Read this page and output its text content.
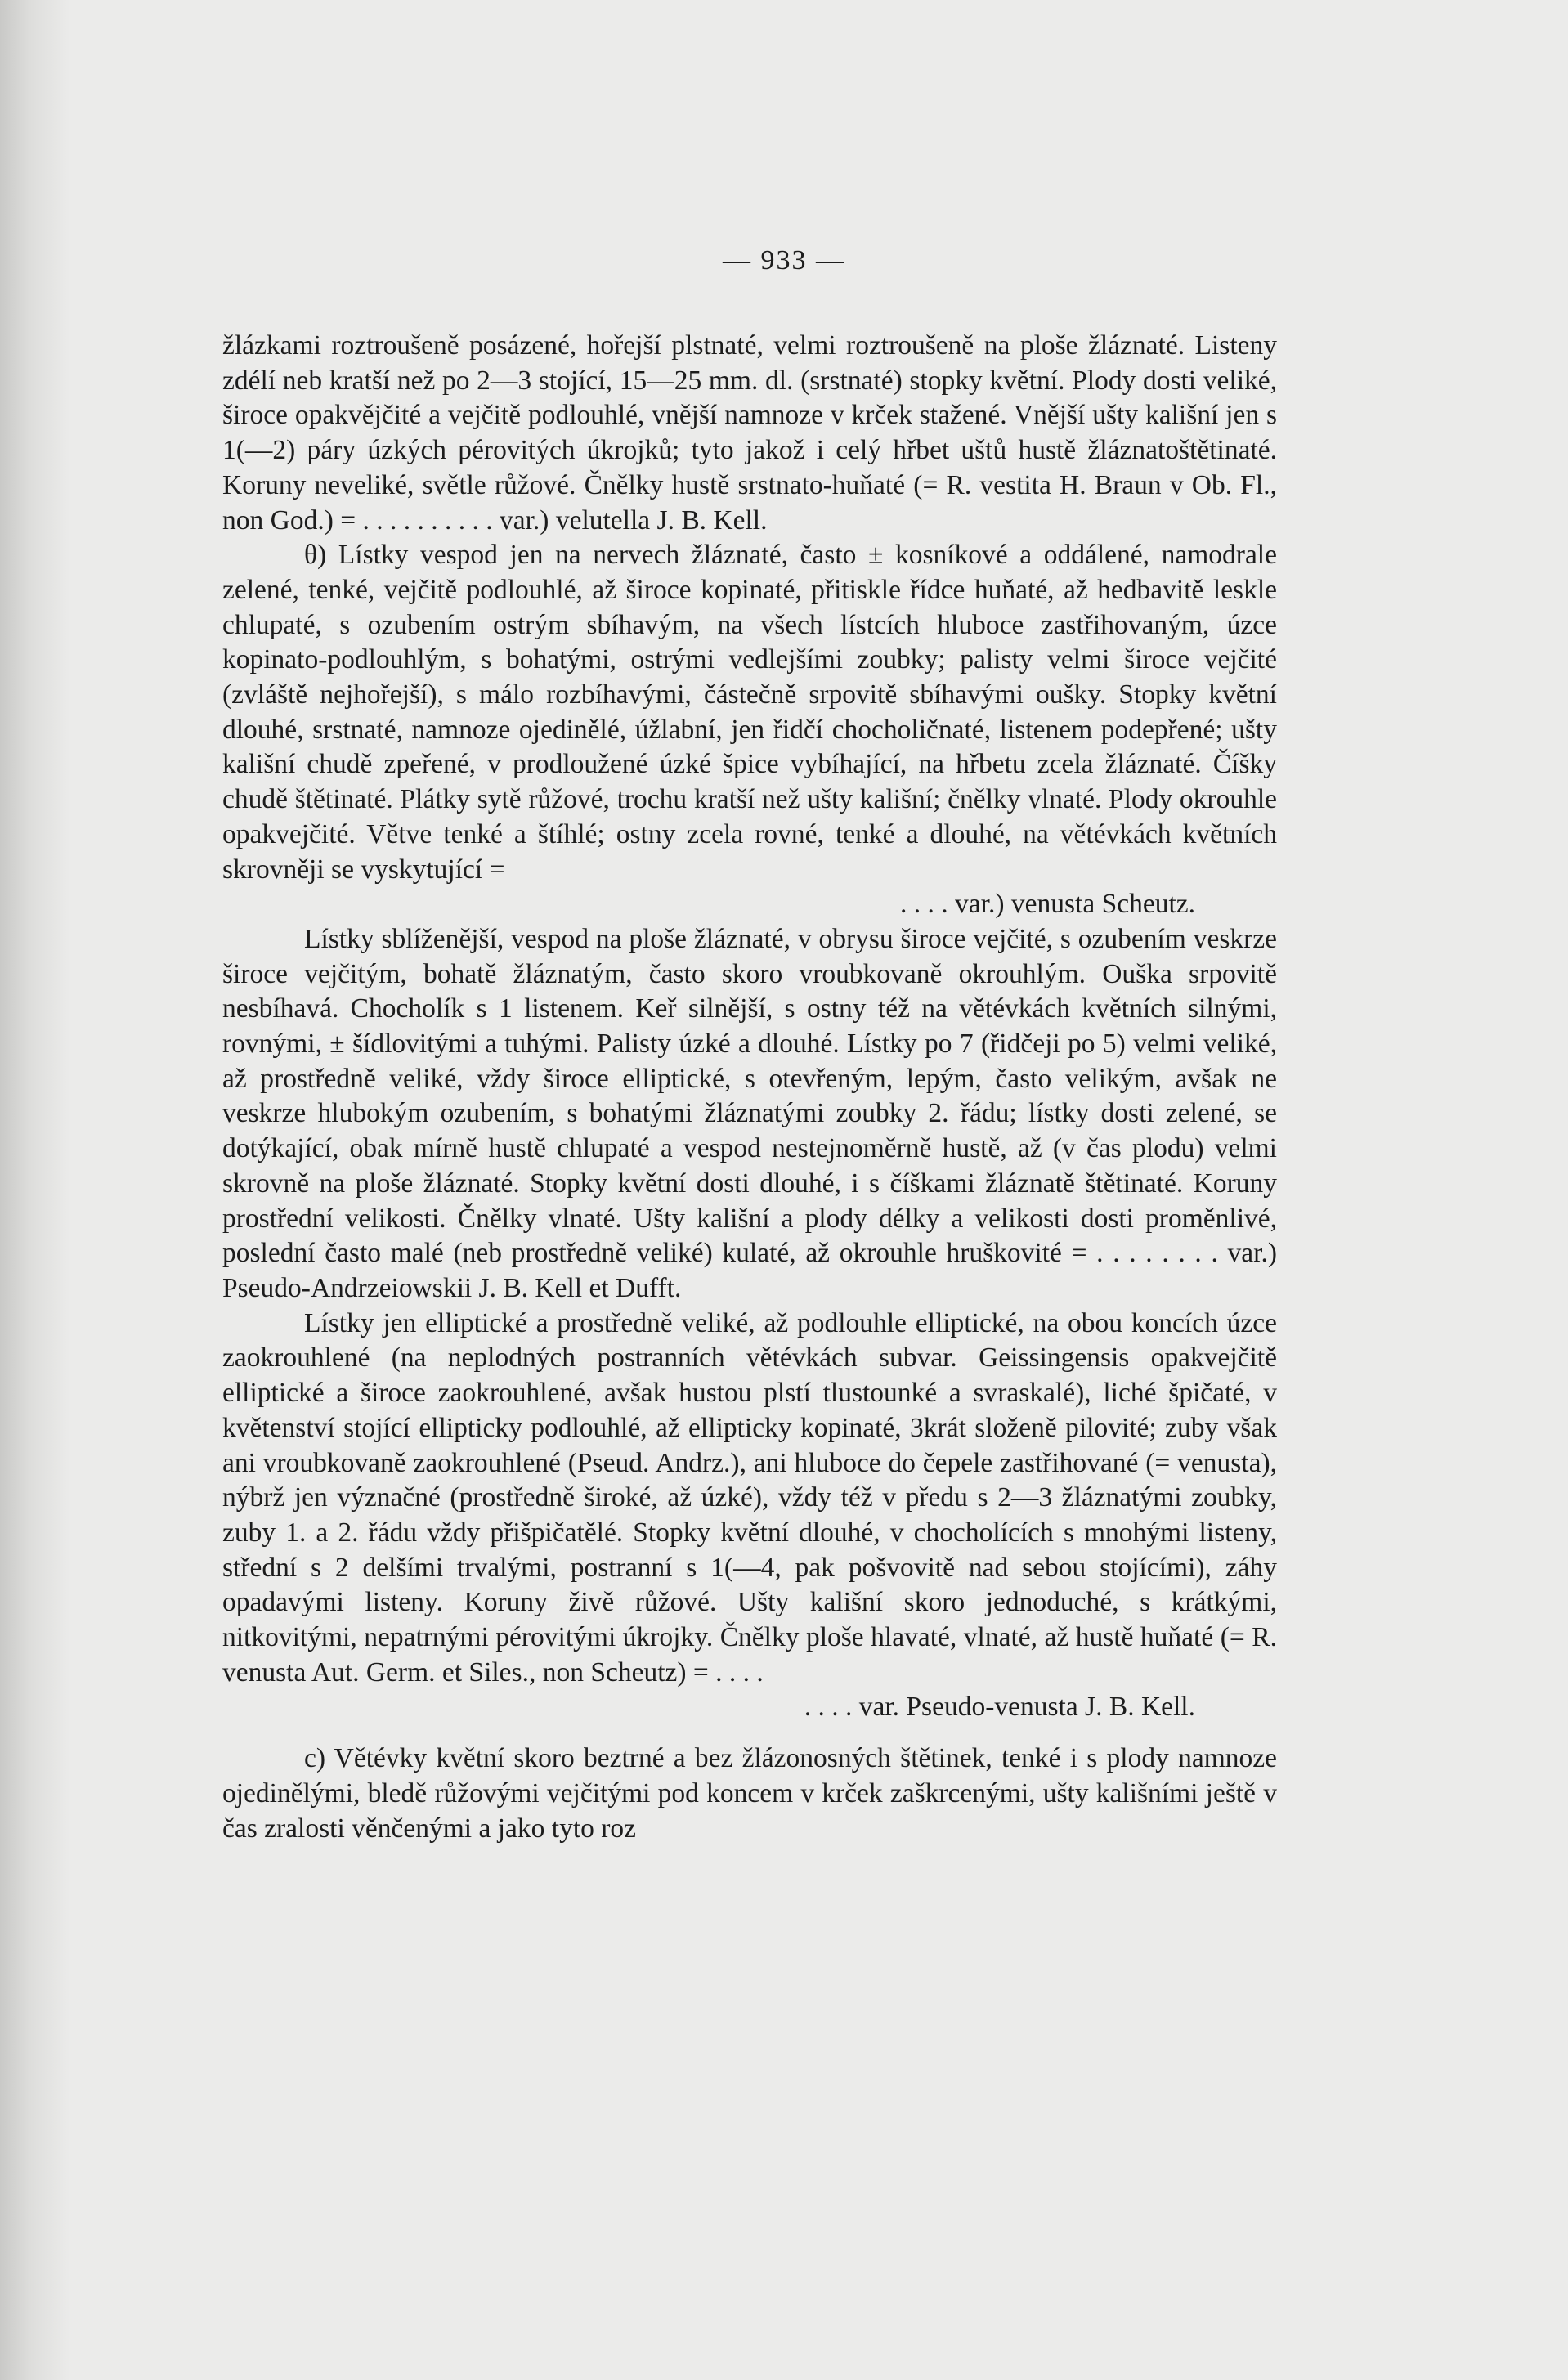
— 933 —

žlázkami roztroušeně posázené, hořejší plstnaté, velmi roztroušeně na ploše žláznaté. Listeny zdélí neb kratší než po 2—3 stojící, 15—25 mm. dl. (srstnaté) stopky květní. Plody dosti veliké, široce opakvějčité a vejčitě podlouhlé, vnější namnoze v krček stažené. Vnější ušty kališní jen s 1(—2) páry úzkých pérovitých úkrojků; tyto jakož i celý hřbet uštů hustě žláznatoštětinaté. Koruny neveliké, světle růžové. Čnělky hustě srstnato-huňaté (= R. vestita H. Braun v Ob. Fl., non God.) = . . . . . . . . . . var.) velutella J. B. Kell.

θ) Lístky vespod jen na nervech žláznaté, často ± kosníkové a oddálené, namodrale zelené, tenké, vejčitě podlouhlé, až široce kopinaté, přitiskle řídce huňaté, až hedbavitě leskle chlupaté, s ozubením ostrým sbíhavým, na všech lístcích hluboce zastřihovaným, úzce kopinato-podlouhlým, s bohatými, ostrými vedlejšími zoubky; palisty velmi široce vejčité (zvláště nejhořejší), s málo rozbíhavými, částečně srpovitě sbíhavými oušky. Stopky květní dlouhé, srstnaté, namnoze ojedinělé, úžlabní, jen řidčí chocholičnaté, listenem podepřené; ušty kališní chudě zpeřené, v prodloužené úzké špice vybíhající, na hřbetu zcela žláznaté. Číšky chudě štětinaté. Plátky sytě růžové, trochu kratší než ušty kališní; čnělky vlnaté. Plody okrouhle opakvejčité. Větve tenké a štíhlé; ostny zcela rovné, tenké a dlouhé, na větévkách květních skrovněji se vyskytující =

. . . . var.) venusta Scheutz.

Lístky sblíženější, vespod na ploše žláznaté, v obrysu široce vejčité, s ozubením veskrze široce vejčitým, bohatě žláznatým, často skoro vroubkovaně okrouhlým. Ouška srpovitě nesbíhavá. Chocholík s 1 listenem. Keř silnější, s ostny též na větévkách květních silnými, rovnými, ± šídlovitými a tuhými. Palisty úzké a dlouhé. Lístky po 7 (řidčeji po 5) velmi veliké, až prostředně veliké, vždy široce elliptické, s otevřeným, lepým, často velikým, avšak ne veskrze hlubokým ozubením, s bohatými žláznatými zoubky 2. řádu; lístky dosti zelené, se dotýkající, obak mírně hustě chlupaté a vespod nestejnoměrně hustě, až (v čas plodu) velmi skrovně na ploše žláznaté. Stopky květní dosti dlouhé, i s číškami žláznatě štětinaté. Koruny prostřední velikosti. Čnělky vlnaté. Ušty kališní a plody délky a velikosti dosti proměnlivé, poslední často malé (neb prostředně veliké) kulaté, až okrouhle hruškovité = . . . . . . . . var.) Pseudo-Andrzeiowskii J. B. Kell et Dufft.

Lístky jen elliptické a prostředně veliké, až podlouhle elliptické, na obou koncích úzce zaokrouhlené (na neplodných postranních větévkách subvar. Geissingensis opakvejčitě elliptické a široce zaokrouhlené, avšak hustou plstí tlustounké a svraskalé), liché špičaté, v květenství stojící ellipticky podlouhlé, až ellipticky kopinaté, 3krát složeně pilovité; zuby však ani vroubkovaně zaokrouhlené (Pseud. Andrz.), ani hluboce do čepele zastřihované (= venusta), nýbrž jen význačné (prostředně široké, až úzké), vždy též v předu s 2—3 žláznatými zoubky, zuby 1. a 2. řádu vždy přišpičatělé. Stopky květní dlouhé, v chocholících s mnohými listeny, střední s 2 delšími trvalými, postranní s 1(—4, pak pošvovitě nad sebou stojícími), záhy opadavými listeny. Koruny živě růžové. Ušty kališní skoro jednoduché, s krátkými, nitkovitými, nepatrnými pérovitými úkrojky. Čnělky ploše hlavaté, vlnaté, až hustě huňaté (= R. venusta Aut. Germ. et Siles., non Scheutz) = . . . .

. . . . var. Pseudo-venusta J. B. Kell.

c) Větévky květní skoro beztrné a bez žlázonosných štětinek, tenké i s plody namnoze ojedinělými, bledě růžovými vejčitými pod koncem v krček zaškrcenými, ušty kališními ještě v čas zralosti věnčenými a jako tyto roz
